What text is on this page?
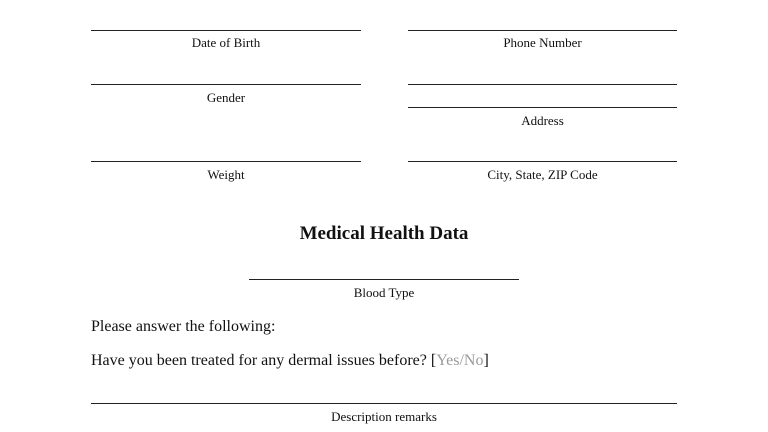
Date of Birth	Phone Number
Gender
Address
Weight	City, State, ZIP Code
Medical Health Data
Blood Type
Please answer the following:
Have you been treated for any dermal issues before? [Yes/No]
Description remarks
